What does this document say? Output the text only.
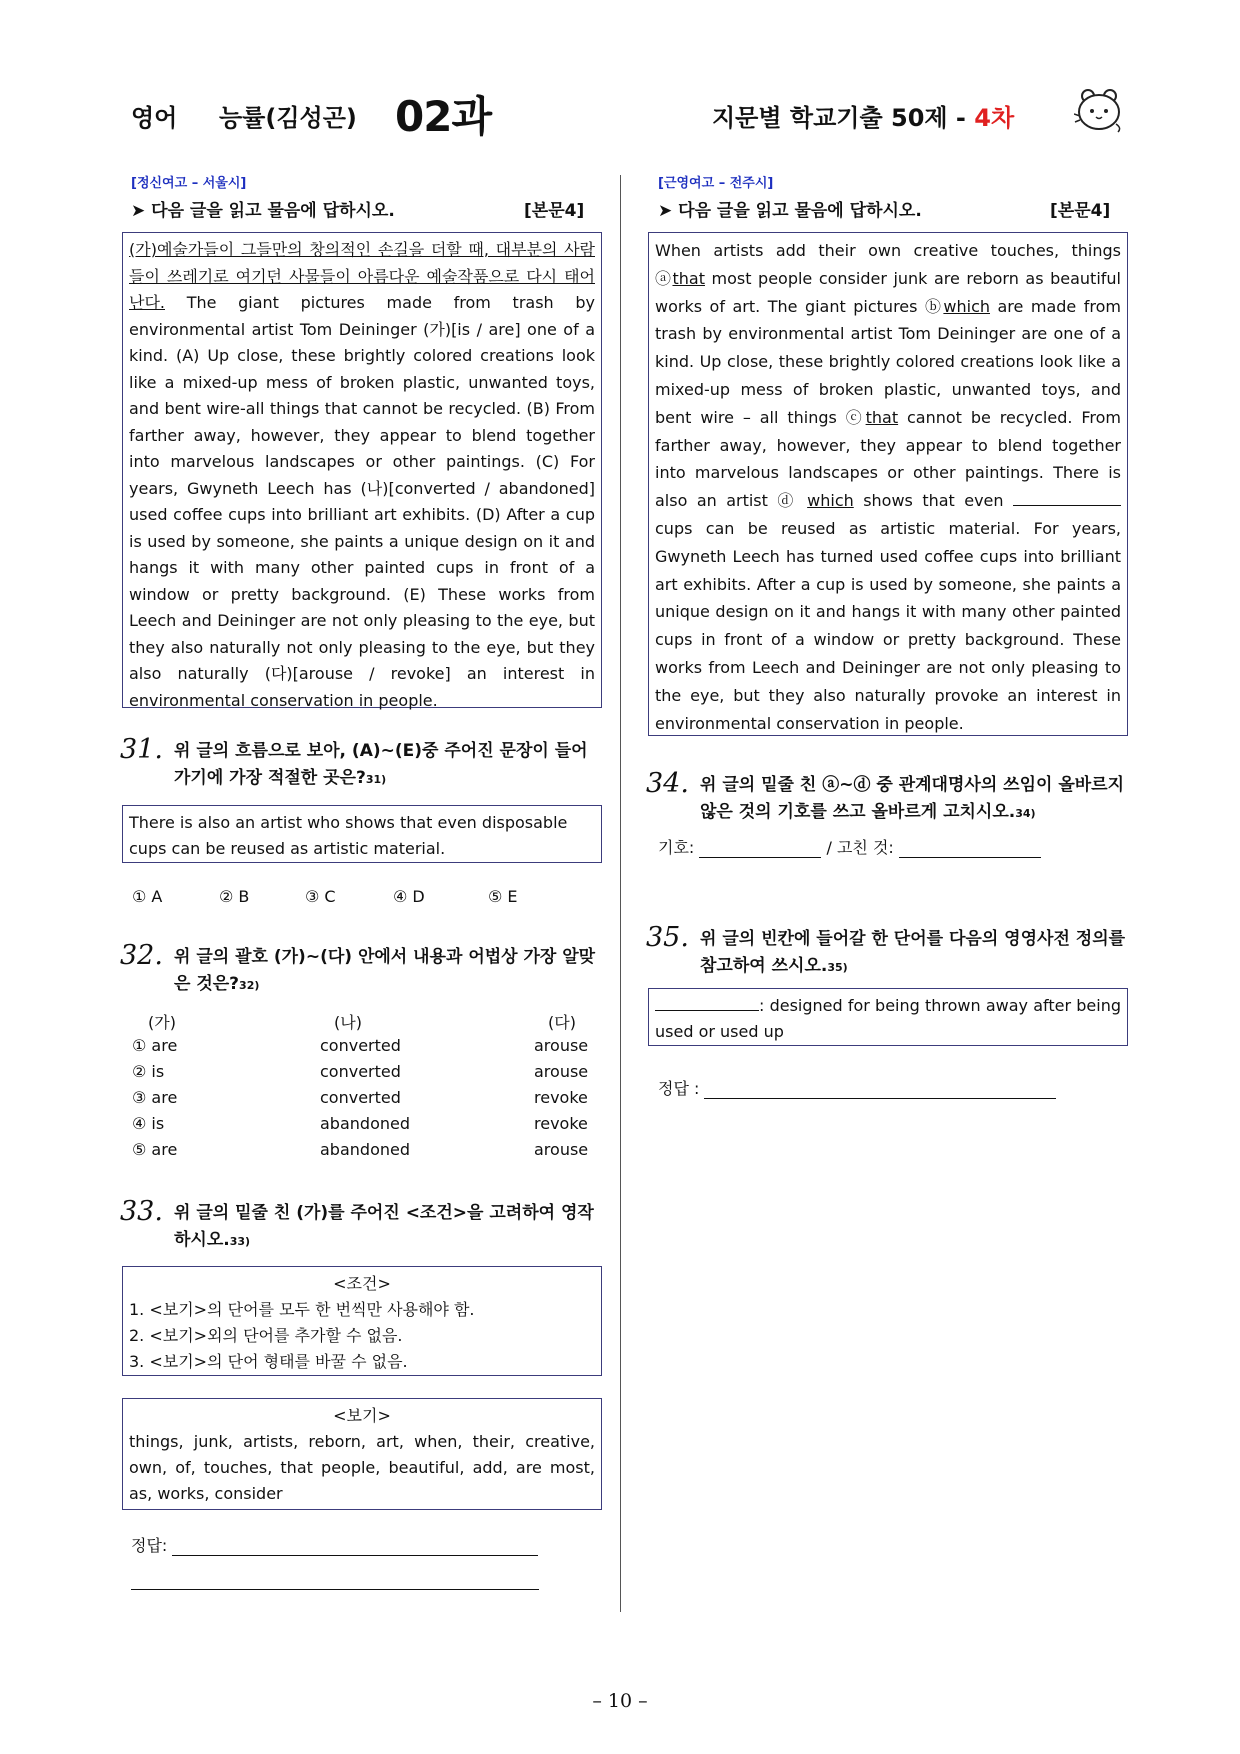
영어 능률(김성곤) 02과	지문별 학교기출 50제 - 4차
[정신여고 – 서울시]
➤ 다음 글을 읽고 물음에 답하시오.	[본문4]
(가)예술가들이 그들만의 창의적인 손길을 더할 때, 대부분의 사람들이 쓰레기로 여기던 사물들이 아름다운 예술작품으로 다시 태어난다. The giant pictures made from trash by environmental artist Tom Deininger (가)[is / are] one of a kind. (A) Up close, these brightly colored creations look like a mixed-up mess of broken plastic, unwanted toys, and bent wire-all things that cannot be recycled. (B) From farther away, however, they appear to blend together into marvelous landscapes or other paintings. (C) For years, Gwyneth Leech has (나)[converted / abandoned] used coffee cups into brilliant art exhibits. (D) After a cup is used by someone, she paints a unique design on it and hangs it with many other painted cups in front of a window or pretty background. (E) These works from Leech and Deininger are not only pleasing to the eye, but they also naturally not only pleasing to the eye, but they also naturally (다)[arouse / revoke] an interest in environmental conservation in people.
31. 위 글의 흐름으로 보아, (A)~(E)중 주어진 문장이 들어가기에 가장 적절한 곳은?31)
There is also an artist who shows that even disposable cups can be reused as artistic material.
① A	② B	③ C	④ D	⑤ E
32. 위 글의 괄호 (가)~(다) 안에서 내용과 어법상 가장 알맞은 것은?32)
(가)	(나)	(다)
① are	converted	arouse
② is	converted	arouse
③ are	converted	revoke
④ is	abandoned	revoke
⑤ are	abandoned	arouse
33. 위 글의 밑줄 친 (가)를 주어진 <조건>을 고려하여 영작하시오.33)
<조건>
1. <보기>의 단어를 모두 한 번씩만 사용해야 함.
2. <보기>외의 단어를 추가할 수 없음.
3. <보기>의 단어 형태를 바꿀 수 없음.
<보기>
things, junk, artists, reborn, art, when, their, creative, own, of, touches, that people, beautiful, add, are most, as, works, consider
정답:
[근영여고 – 전주시]
➤ 다음 글을 읽고 물음에 답하시오.	[본문4]
When artists add their own creative touches, things ⓐthat most people consider junk are reborn as beautiful works of art. The giant pictures ⓑwhich are made from trash by environmental artist Tom Deininger are one of a kind. Up close, these brightly colored creations look like a mixed-up mess of broken plastic, unwanted toys, and bent wire – all things ⓒthat cannot be recycled. From farther away, however, they appear to blend together into marvelous landscapes or other paintings. There is also an artist ⓓ which shows that even  cups can be reused as artistic material. For years, Gwyneth Leech has turned used coffee cups into brilliant art exhibits. After a cup is used by someone, she paints a unique design on it and hangs it with many other painted cups in front of a window or pretty background. These works from Leech and Deininger are not only pleasing to the eye, but they also naturally provoke an interest in environmental conservation in people.
34. 위 글의 밑줄 친 ⓐ~ⓓ 중 관계대명사의 쓰임이 올바르지 않은 것의 기호를 쓰고 올바르게 고치시오.34)
기호:	/ 고친 것:
35. 위 글의 빈칸에 들어갈 한 단어를 다음의 영영사전 정의를 참고하여 쓰시오.35)
: designed for being thrown away after being used or used up
정답 :
– 10 –
